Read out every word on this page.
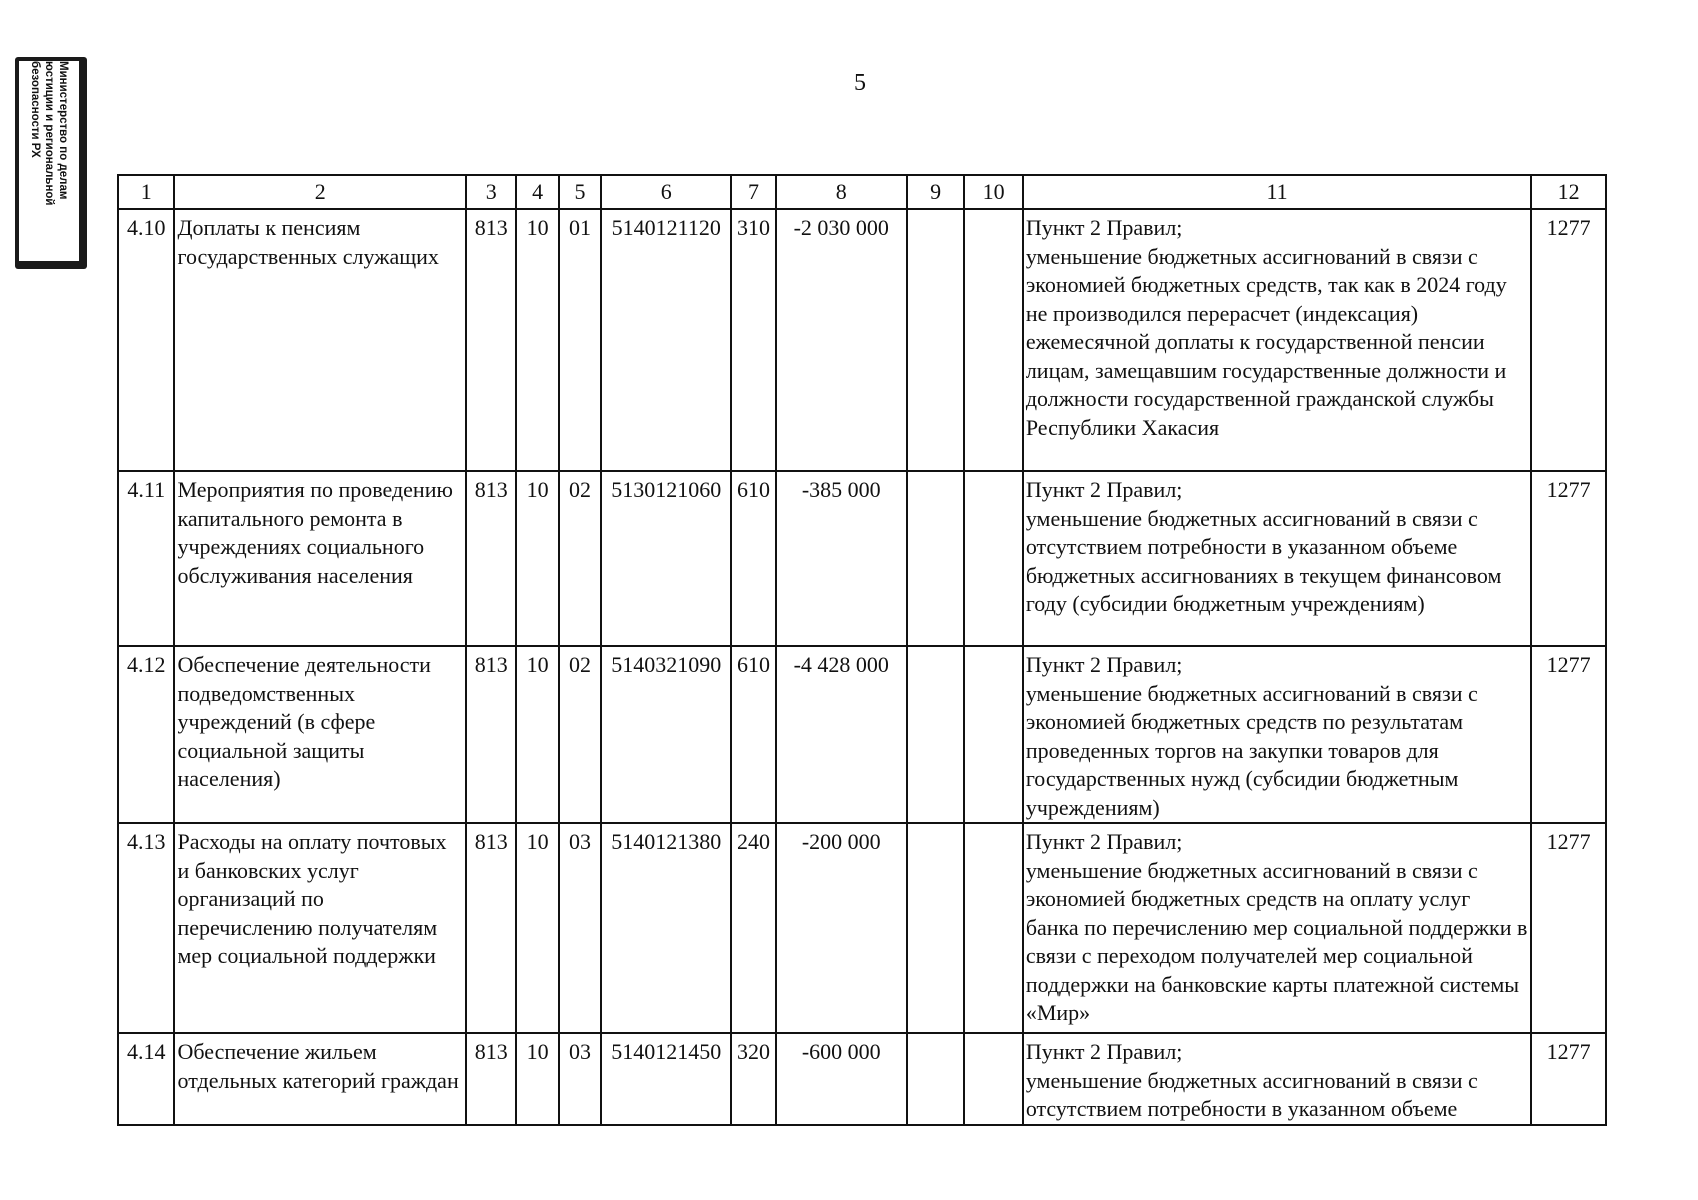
Министерство по делам
юстиции и региональной
безопасности РХ	5
1	2	3	4	5	6	7	8	9	10	11	12
4.10	Доплаты к пенсиям государственных служащих	813	10	01	5140121120	310	-2 030 000			Пункт 2 Правил;
уменьшение бюджетных ассигнований в связи с экономией бюджетных средств, так как в 2024 году не производился перерасчет (индексация) ежемесячной доплаты к государственной пенсии лицам, замещавшим государственные должности и должности государственной гражданской службы Республики Хакасия	1277
4.11	Мероприятия по проведению капитального ремонта в учреждениях социального обслуживания населения	813	10	02	5130121060	610	-385 000			Пункт 2 Правил;
уменьшение бюджетных ассигнований в связи с отсутствием потребности в указанном объеме бюджетных ассигнованиях в текущем финансовом году (субсидии бюджетным учреждениям)	1277
4.12	Обеспечение деятельности подведомственных учреждений (в сфере социальной защиты населения)	813	10	02	5140321090	610	-4 428 000			Пункт 2 Правил;
уменьшение бюджетных ассигнований в связи с экономией бюджетных средств по результатам проведенных торгов на закупки товаров для государственных нужд (субсидии бюджетным учреждениям)	1277
4.13	Расходы на оплату почтовых и банковских услуг организаций по перечислению получателям мер социальной поддержки	813	10	03	5140121380	240	-200 000			Пункт 2 Правил;
уменьшение бюджетных ассигнований в связи с экономией бюджетных средств на оплату услуг банка по перечислению мер социальной поддержки в связи с переходом получателей мер социальной поддержки на банковские карты платежной системы «Мир»	1277
4.14	Обеспечение жильем отдельных категорий граждан	813	10	03	5140121450	320	-600 000			Пункт 2 Правил;
уменьшение бюджетных ассигнований в связи с отсутствием потребности в указанном объеме	1277
